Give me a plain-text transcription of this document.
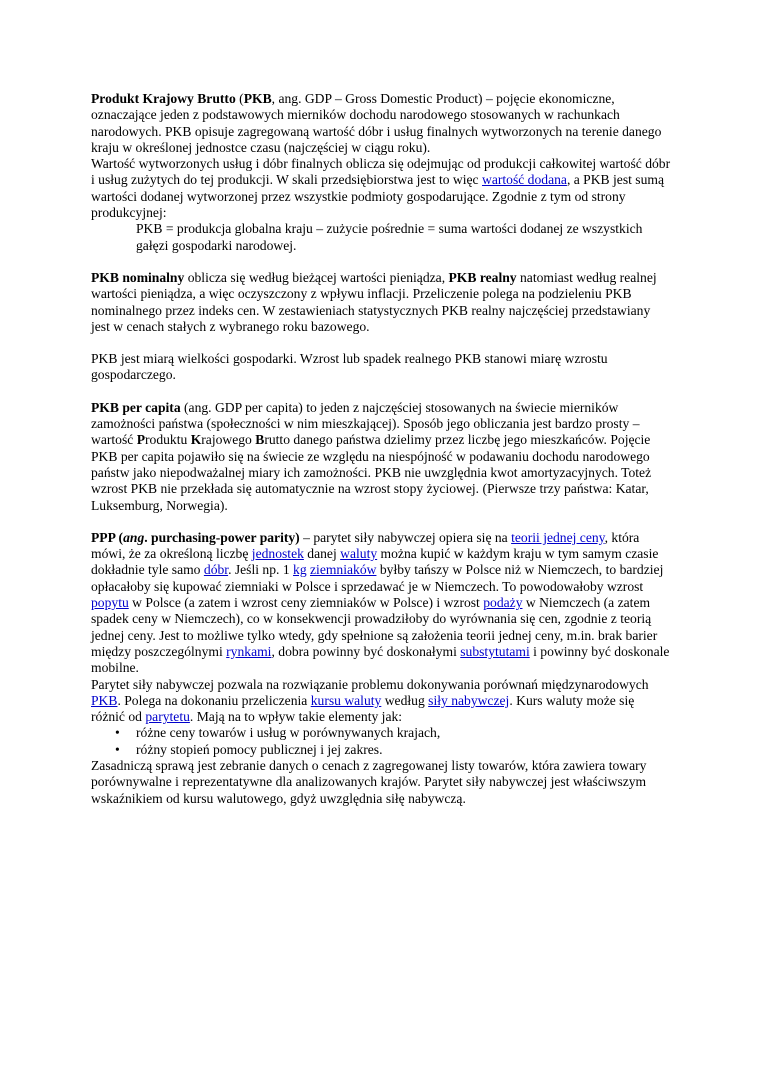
Produkt Krajowy Brutto (PKB, ang. GDP – Gross Domestic Product) – pojęcie ekonomiczne, oznaczające jeden z podstawowych mierników dochodu narodowego stosowanych w rachunkach narodowych. PKB opisuje zagregowaną wartość dóbr i usług finalnych wytworzonych na terenie danego kraju w określonej jednostce czasu (najczęściej w ciągu roku).

Wartość wytworzonych usług i dóbr finalnych oblicza się odejmując od produkcji całkowitej wartość dóbr i usług zużytych do tej produkcji. W skali przedsiębiorstwa jest to więc wartość dodana, a PKB jest sumą wartości dodanej wytworzonej przez wszystkie podmioty gospodarujące. Zgodnie z tym od strony produkcyjnej:

PKB = produkcja globalna kraju – zużycie pośrednie = suma wartości dodanej ze wszystkich gałęzi gospodarki narodowej.

PKB nominalny oblicza się według bieżącej wartości pieniądza, PKB realny natomiast według realnej wartości pieniądza, a więc oczyszczony z wpływu inflacji. Przeliczenie polega na podzieleniu PKB nominalnego przez indeks cen. W zestawieniach statystycznych PKB realny najczęściej przedstawiany jest w cenach stałych z wybranego roku bazowego.

PKB jest miarą wielkości gospodarki. Wzrost lub spadek realnego PKB stanowi miarę wzrostu gospodarczego.

PKB per capita (ang. GDP per capita) to jeden z najczęściej stosowanych na świecie mierników zamożności państwa (społeczności w nim mieszkającej). Sposób jego obliczania jest bardzo prosty – wartość Produktu Krajowego Brutto danego państwa dzielimy przez liczbę jego mieszkańców. Pojęcie PKB per capita pojawiło się na świecie ze względu na niespójność w podawaniu dochodu narodowego państw jako niepodważalnej miary ich zamożności. PKB nie uwzględnia kwot amortyzacyjnych. Toteż wzrost PKB nie przekłada się automatycznie na wzrost stopy życiowej. (Pierwsze trzy państwa: Katar, Luksemburg, Norwegia).

PPP (ang. purchasing-power parity) – parytet siły nabywczej opiera się na teorii jednej ceny, która mówi, że za określoną liczbę jednostek danej waluty można kupić w każdym kraju w tym samym czasie dokładnie tyle samo dóbr. Jeśli np. 1 kg ziemniaków byłby tańszy w Polsce niż w Niemczech, to bardziej opłacałoby się kupować ziemniaki w Polsce i sprzedawać je w Niemczech. To powodowałoby wzrost popytu w Polsce (a zatem i wzrost ceny ziemniaków w Polsce) i wzrost podaży w Niemczech (a zatem spadek ceny w Niemczech), co w konsekwencji prowadziłoby do wyrównania się cen, zgodnie z teorią jednej ceny. Jest to możliwe tylko wtedy, gdy spełnione są założenia teorii jednej ceny, m.in. brak barier między poszczególnymi rynkami, dobra powinny być doskonałymi substytutami i powinny być doskonale mobilne.

Parytet siły nabywczej pozwala na rozwiązanie problemu dokonywania porównań międzynarodowych PKB. Polega na dokonaniu przeliczenia kursu waluty według siły nabywczej. Kurs waluty może się różnić od parytetu. Mają na to wpływ takie elementy jak:

• różne ceny towarów i usług w porównywanych krajach,
• różny stopień pomocy publicznej i jej zakres.

Zasadniczą sprawą jest zebranie danych o cenach z zagregowanej listy towarów, która zawiera towary porównywalne i reprezentatywne dla analizowanych krajów. Parytet siły nabywczej jest właściwszym wskaźnikiem od kursu walutowego, gdyż uwzględnia siłę nabywczą.
